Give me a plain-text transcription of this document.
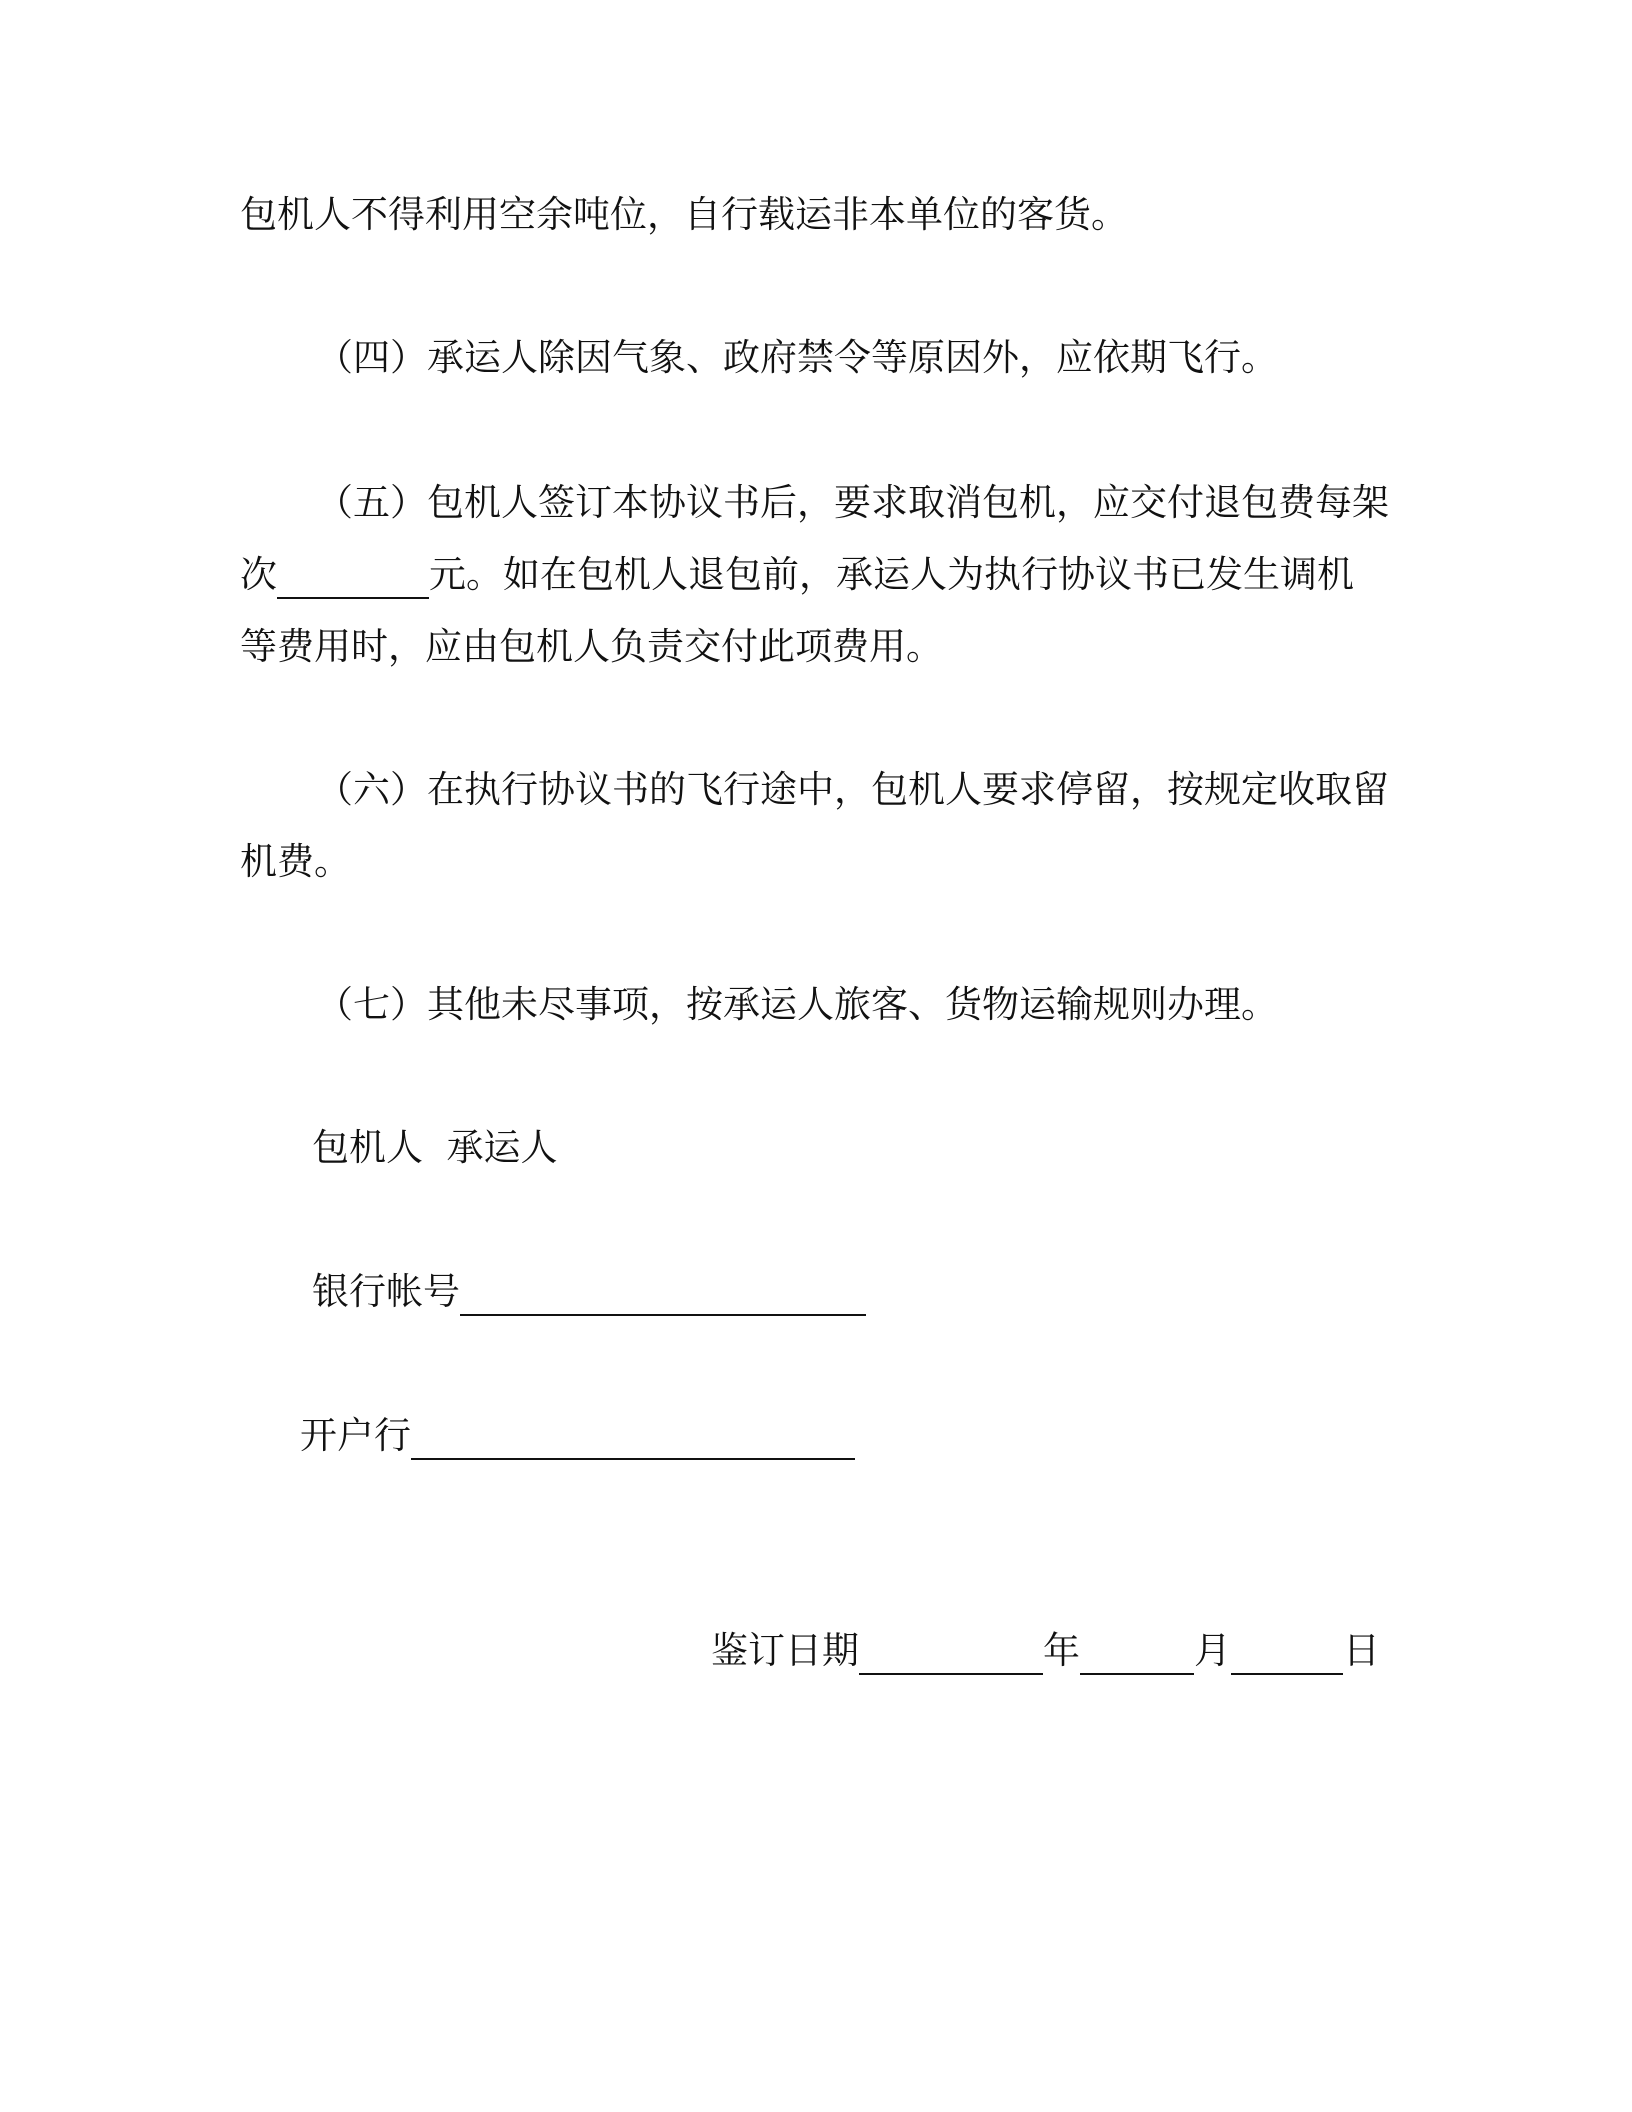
包机人不得利用空余吨位，自行载运非本单位的客货。
（四）承运人除因气象、政府禁令等原因外，应依期飞行。
（五）包机人签订本协议书后，要求取消包机，应交付退包费每架
次	元。如在包机人退包前，承运人为执行协议书已发生调机
等费用时，应由包机人负责交付此项费用。
（六）在执行协议书的飞行途中，包机人要求停留，按规定收取留
机费。
（七）其他未尽事项，按承运人旅客、货物运输规则办理。
包机人  承运人
银行帐号
开户行
鉴订日期	年	月	日
